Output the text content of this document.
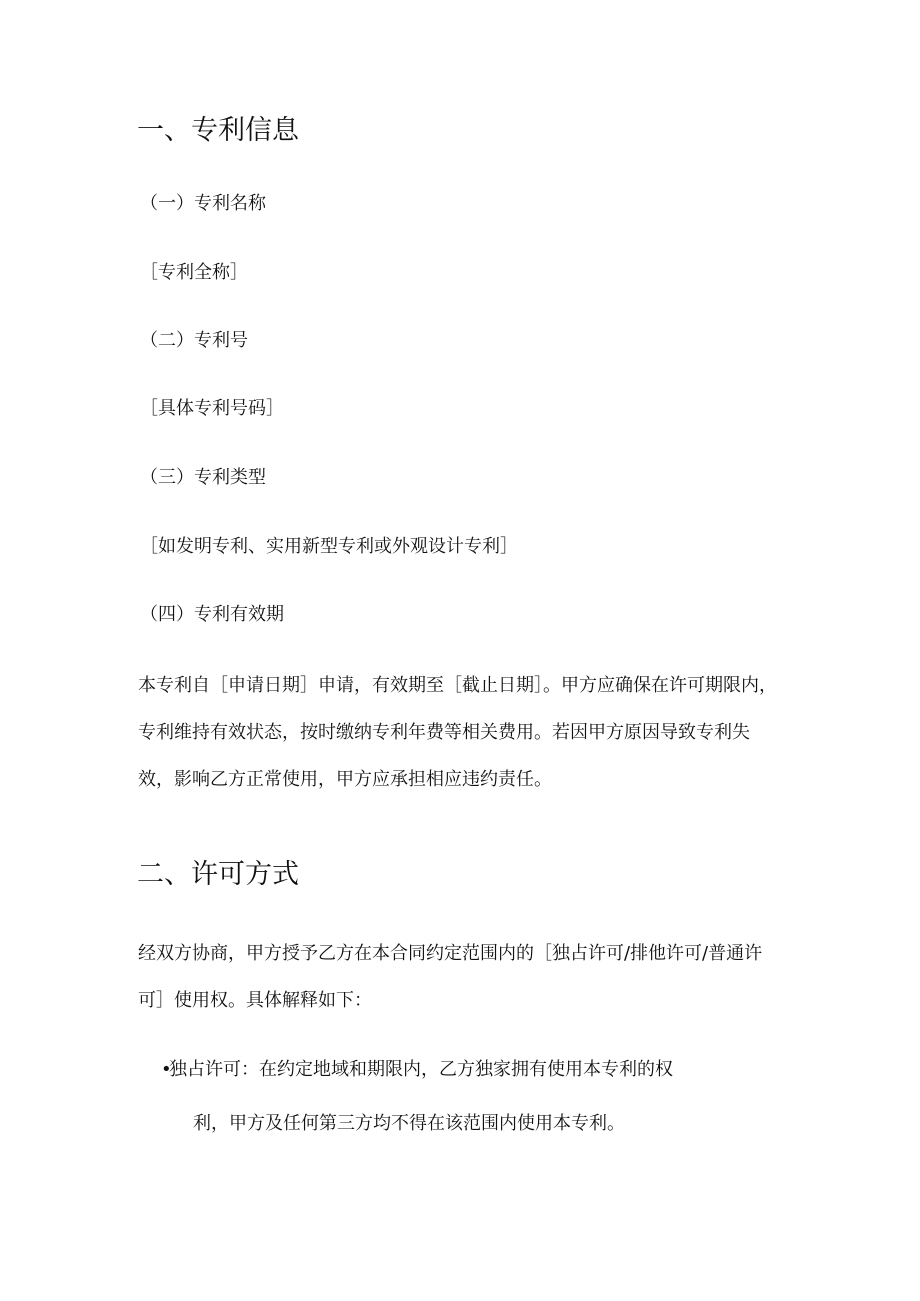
一、专利信息
（一）专利名称
［专利全称］
（二）专利号
［具体专利号码］
（三）专利类型
［如发明专利、实用新型专利或外观设计专利］
（四）专利有效期
本专利自［申请日期］申请，有效期至［截止日期］。甲方应确保在许可期限内，专利维持有效状态，按时缴纳专利年费等相关费用。若因甲方原因导致专利失效，影响乙方正常使用，甲方应承担相应违约责任。
二、许可方式
经双方协商，甲方授予乙方在本合同约定范围内的［独占许可/排他许可/普通许可］使用权。具体解释如下：
•独占许可：在约定地域和期限内，乙方独家拥有使用本专利的权
利，甲方及任何第三方均不得在该范围内使用本专利。
